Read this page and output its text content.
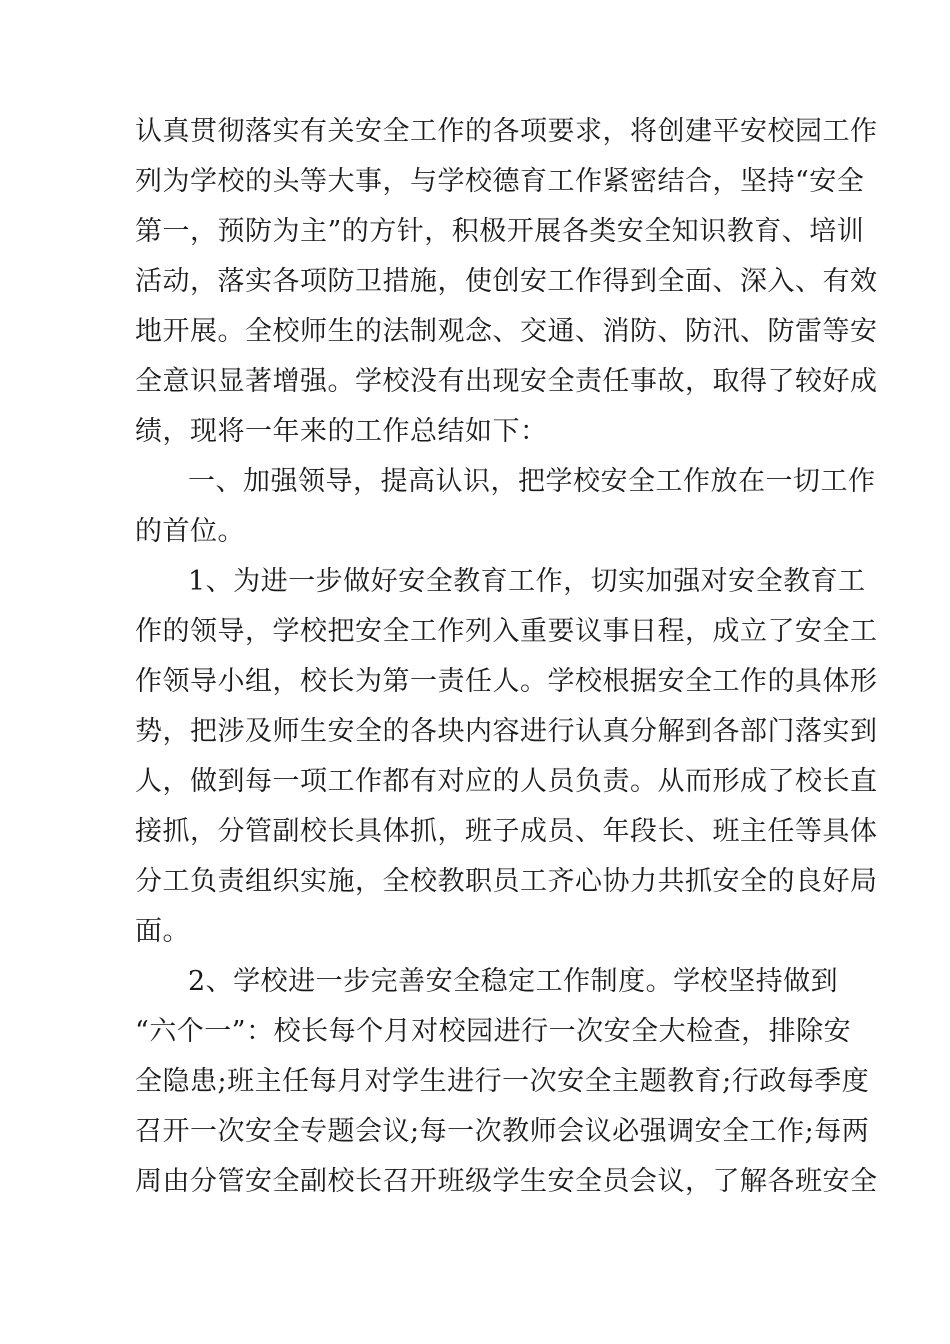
认真贯彻落实有关安全工作的各项要求，将创建平安校园工作
列为学校的头等大事，与学校德育工作紧密结合，坚持“安全
第一，预防为主”的方针，积极开展各类安全知识教育、培训
活动，落实各项防卫措施，使创安工作得到全面、深入、有效
地开展。全校师生的法制观念、交通、消防、防汛、防雷等安
全意识显著增强。学校没有出现安全责任事故，取得了较好成
绩，现将一年来的工作总结如下：
一、加强领导，提高认识，把学校安全工作放在一切工作
的首位。
1、为进一步做好安全教育工作，切实加强对安全教育工
作的领导，学校把安全工作列入重要议事日程，成立了安全工
作领导小组，校长为第一责任人。学校根据安全工作的具体形
势，把涉及师生安全的各块内容进行认真分解到各部门落实到
人，做到每一项工作都有对应的人员负责。从而形成了校长直
接抓，分管副校长具体抓，班子成员、年段长、班主任等具体
分工负责组织实施，全校教职员工齐心协力共抓安全的良好局
面。
2、学校进一步完善安全稳定工作制度。学校坚持做到
“六个一”：校长每个月对校园进行一次安全大检查，排除安
全隐患;班主任每月对学生进行一次安全主题教育;行政每季度
召开一次安全专题会议;每一次教师会议必强调安全工作;每两
周由分管安全副校长召开班级学生安全员会议，了解各班安全
